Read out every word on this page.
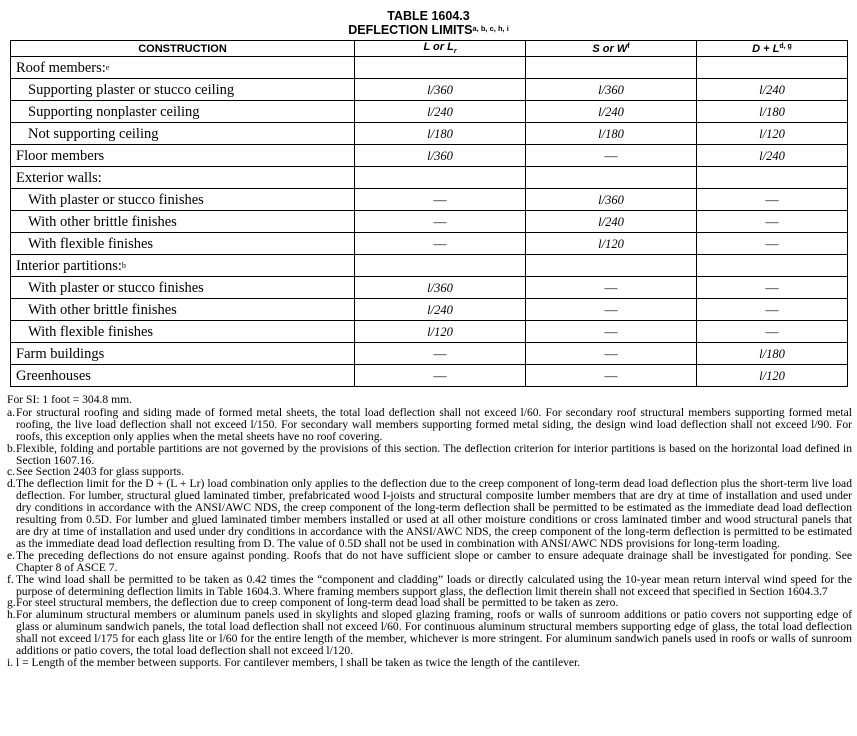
TABLE 1604.3
DEFLECTION LIMITS$^{a, b, c, h, i}$
CONSTRUCTION	L or $L_r$	S or $W^f$	D + L$^{d, g}$
Roof members:$^e$			
Supporting plaster or stucco ceiling	l/360	l/360	l/240
Supporting nonplaster ceiling	l/240	l/240	l/180
Not supporting ceiling	l/180	l/180	l/120
Floor members	l/360	—	l/240
Exterior walls:			
With plaster or stucco finishes	—	l/360	—
With other brittle finishes	—	l/240	—
With flexible finishes	—	l/120	—
Interior partitions:$^b$			
With plaster or stucco finishes	l/360	—	—
With other brittle finishes	l/240	—	—
With flexible finishes	l/120	—	—
Farm buildings	—	—	l/180
Greenhouses	—	—	l/120
For SI: 1 foot = 304.8 mm.
a. For structural roofing and siding made of formed metal sheets, the total load deflection shall not exceed l/60. For secondary roof structural members supporting formed metal roofing, the live load deflection shall not exceed l/150. For secondary wall members supporting formed metal siding, the design wind load deflection shall not exceed l/90. For roofs, this exception only applies when the metal sheets have no roof covering.
b. Flexible, folding and portable partitions are not governed by the provisions of this section. The deflection criterion for interior partitions is based on the horizontal load defined in Section 1607.16.
c. See Section 2403 for glass supports.
d. The deflection limit for the D + (L + Lr) load combination only applies to the deflection due to the creep component of long-term dead load deflection plus the short-term live load deflection. For lumber, structural glued laminated timber, prefabricated wood I-joists and structural composite lumber members that are dry at time of installation and used under dry conditions in accordance with the ANSI/AWC NDS, the creep component of the long-term deflection shall be permitted to be estimated as the immediate dead load deflection resulting from 0.5D. For lumber and glued laminated timber members installed or used at all other moisture conditions or cross laminated timber and wood structural panels that are dry at time of installation and used under dry conditions in accordance with the ANSI/AWC NDS, the creep component of the long-term deflection is permitted to be estimated as the immediate dead load deflection resulting from D. The value of 0.5D shall not be used in combination with ANSI/AWC NDS provisions for long-term loading.
e. The preceding deflections do not ensure against ponding. Roofs that do not have sufficient slope or camber to ensure adequate drainage shall be investigated for ponding. See Chapter 8 of ASCE 7.
f. The wind load shall be permitted to be taken as 0.42 times the “component and cladding” loads or directly calculated using the 10-year mean return interval wind speed for the purpose of determining deflection limits in Table 1604.3. Where framing members support glass, the deflection limit therein shall not exceed that specified in Section 1604.3.7
g. For steel structural members, the deflection due to creep component of long-term dead load shall be permitted to be taken as zero.
h. For aluminum structural members or aluminum panels used in skylights and sloped glazing framing, roofs or walls of sunroom additions or patio covers not supporting edge of glass or aluminum sandwich panels, the total load deflection shall not exceed l/60. For continuous aluminum structural members supporting edge of glass, the total load deflection shall not exceed l/175 for each glass lite or l/60 for the entire length of the member, whichever is more stringent. For aluminum sandwich panels used in roofs or walls of sunroom additions or patio covers, the total load deflection shall not exceed l/120.
i. l = Length of the member between supports. For cantilever members, l shall be taken as twice the length of the cantilever.
